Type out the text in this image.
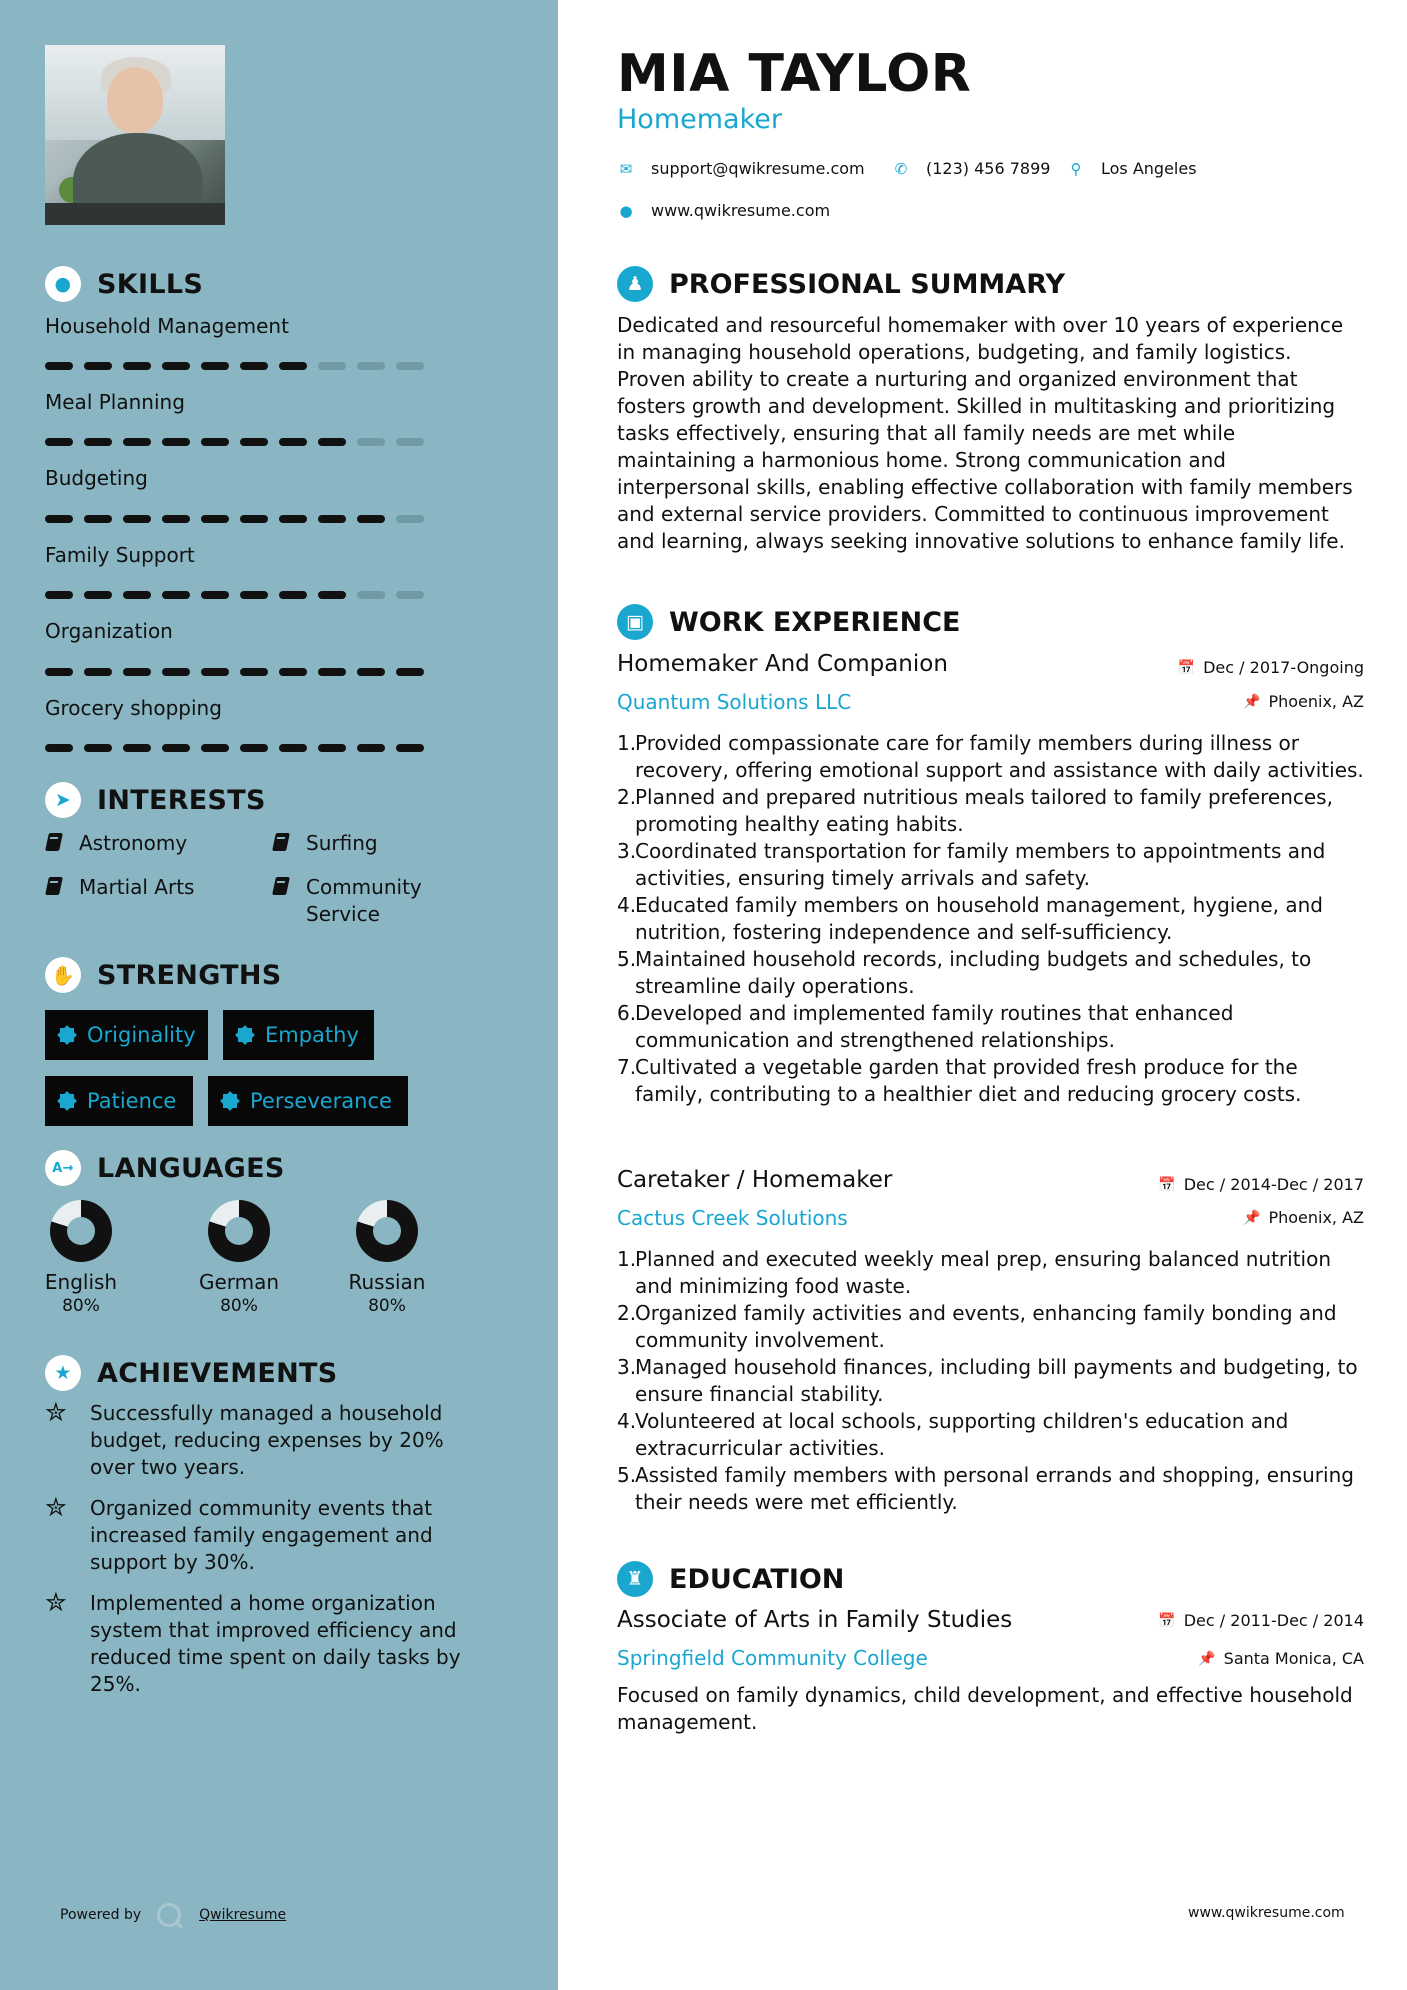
● SKILLS
Household Management
Meal Planning
Budgeting
Family Support
Organization
Grocery shopping
➤ INTERESTS
Astronomy	Surfing
Martial Arts	Community Service
✋ STRENGTHS
Originality	Empathy
Patience	Perseverance
A→ LANGUAGES
English
80%
German
80%
Russian
80%
★ ACHIEVEMENTS
✮	Successfully managed a household budget, reducing expenses by 20% over two years.
✮	Organized community events that increased family engagement and support by 30%.
✮	Implemented a home organization system that improved efficiency and reduced time spent on daily tasks by 25%.
Powered by	Qwikresume
MIA TAYLOR
Homemaker
✉ support@qwikresume.com ✆ (123) 456 7899 ⚲ Los Angeles
● www.qwikresume.com
♟ PROFESSIONAL SUMMARY
Dedicated and resourceful homemaker with over 10 years of experience in managing household operations, budgeting, and family logistics. Proven ability to create a nurturing and organized environment that fosters growth and development. Skilled in multitasking and prioritizing tasks effectively, ensuring that all family needs are met while maintaining a harmonious home. Strong communication and interpersonal skills, enabling effective collaboration with family members and external service providers. Committed to continuous improvement and learning, always seeking innovative solutions to enhance family life.
▣ WORK EXPERIENCE
Homemaker And Companion	📅 Dec / 2017-Ongoing
Quantum Solutions LLC	📌 Phoenix, AZ
1.
Provided compassionate care for family members during illness or recovery, offering emotional support and assistance with daily activities.
2.
Planned and prepared nutritious meals tailored to family preferences, promoting healthy eating habits.
3.
Coordinated transportation for family members to appointments and activities, ensuring timely arrivals and safety.
4.
Educated family members on household management, hygiene, and nutrition, fostering independence and self-sufficiency.
5.
Maintained household records, including budgets and schedules, to streamline daily operations.
6.
Developed and implemented family routines that enhanced communication and strengthened relationships.
7.
Cultivated a vegetable garden that provided fresh produce for the family, contributing to a healthier diet and reducing grocery costs.
Caretaker / Homemaker	📅 Dec / 2014-Dec / 2017
Cactus Creek Solutions	📌 Phoenix, AZ
1.
Planned and executed weekly meal prep, ensuring balanced nutrition and minimizing food waste.
2.
Organized family activities and events, enhancing family bonding and community involvement.
3.
Managed household finances, including bill payments and budgeting, to ensure financial stability.
4.
Volunteered at local schools, supporting children's education and extracurricular activities.
5.
Assisted family members with personal errands and shopping, ensuring their needs were met efficiently.
♜ EDUCATION
Associate of Arts in Family Studies	📅 Dec / 2011-Dec / 2014
Springfield Community College	📌 Santa Monica, CA
Focused on family dynamics, child development, and effective household management.
www.qwikresume.com
